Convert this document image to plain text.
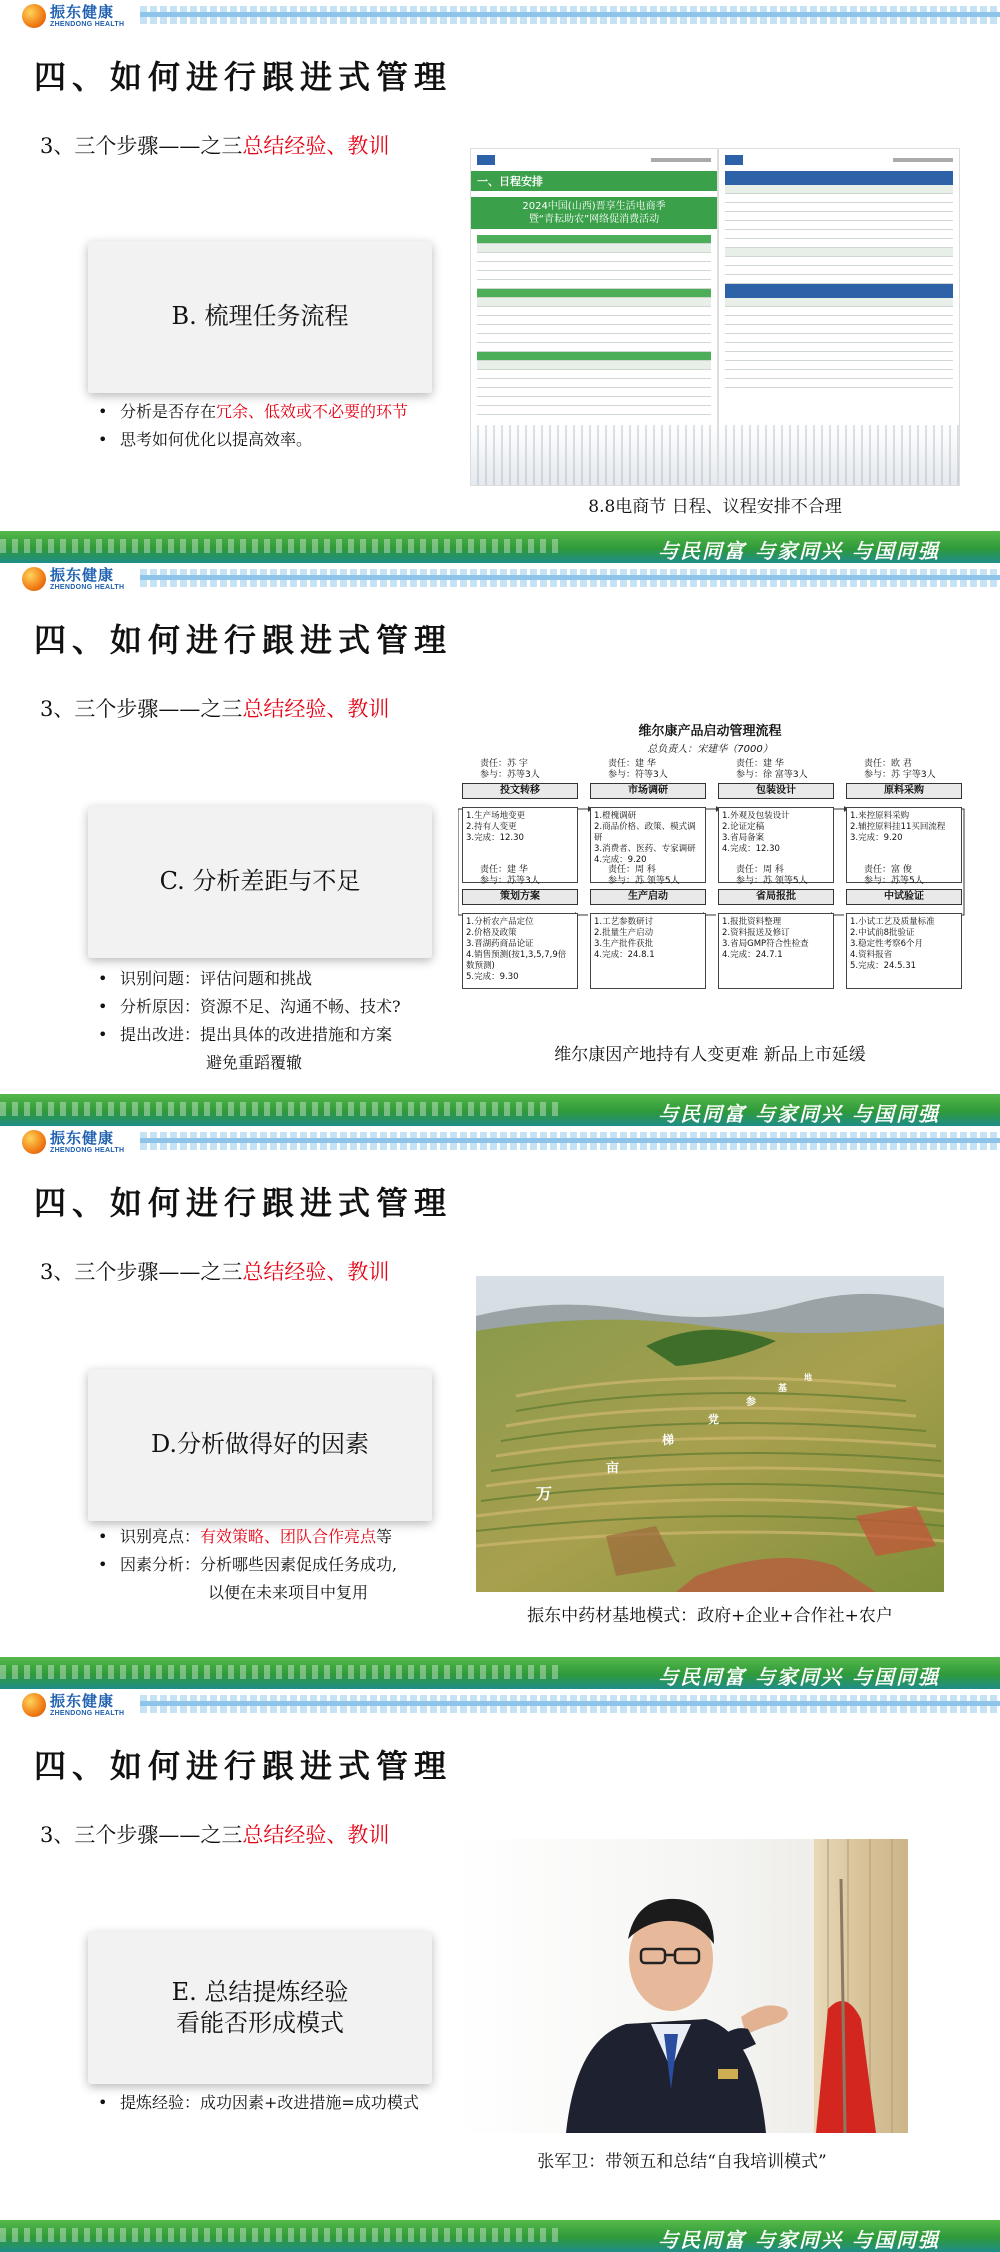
振东健康
ZHENDONG HEALTH
四、如何进行跟进式管理
3、三个步骤——之三总结经验、教训
B. 梳理任务流程
• 分析是否存在冗余、低效或不必要的环节
• 思考如何优化以提高效率。
一、日程安排
2024中国(山西)晋享生活电商季
暨“青耘助农”网络促消费活动
8.8电商节 日程、议程安排不合理
与民同富 与家同兴 与国同强
振东健康
ZHENDONG HEALTH
四、如何进行跟进式管理
3、三个步骤——之三总结经验、教训
C. 分析差距与不足
• 识别问题：评估问题和挑战
• 分析原因：资源不足、沟通不畅、技术?
• 提出改进：提出具体的改进措施和方案
避免重蹈覆辙
维尔康产品启动管理流程
总负责人：宋建华（7000）
责任：苏 宇
参与：苏等3人
投文转移
1.生产场地变更
2.持有人变更
3.完成：12.30
责任：建 华
参与：符等3人
市场调研
1.橙槐调研
2.商品价格、政策、模式调研
3.消费者、医药、专家调研
4.完成：9.20
责任：建 华
参与：徐 富等3人
包装设计
1.外观及包装设计
2.论证定稿
3.省局备案
4.完成：12.30
责任：欧 君
参与：苏 宇等3人
原料采购
1.来控原料采购
2.辅控原料挂11买回流程
3.完成：9.20
责任：建 华
参与：苏等3人
策划方案
1.分析农产品定位
2.价格及政策
3.晋湖药商品论证
4.销售预测(按1,3,5,7,9倍数预测)
5.完成：9.30
责任：周 科
参与：苏 领等5人
生产启动
1.工艺参数研讨
2.批量生产启动
3.生产批件获批
4.完成：24.8.1
责任：周 科
参与：苏 领等5人
省局报批
1.报批资料整理
2.资料报送及修订
3.省局GMP符合性检查
4.完成：24.7.1
责任：富 俊
参与：苏等5人
中试验证
1.小试工艺及质量标准
2.中试前8批验证
3.稳定性考察6个月
4.资料报省
5.完成：24.5.31
维尔康因产地持有人变更难 新品上市延缓
与民同富 与家同兴 与国同强
振东健康
ZHENDONG HEALTH
四、如何进行跟进式管理
3、三个步骤——之三总结经验、教训
D.分析做得好的因素
• 识别亮点：有效策略、团队合作亮点等
• 因素分析：分析哪些因素促成任务成功,
以便在未来项目中复用
万
亩
梯
党
参
基
地
振东中药材基地模式：政府+企业+合作社+农户
与民同富 与家同兴 与国同强
振东健康
ZHENDONG HEALTH
四、如何进行跟进式管理
3、三个步骤——之三总结经验、教训
E. 总结提炼经验
看能否形成模式
• 提炼经验：成功因素+改进措施=成功模式
张军卫：带领五和总结“自我培训模式”
与民同富 与家同兴 与国同强
